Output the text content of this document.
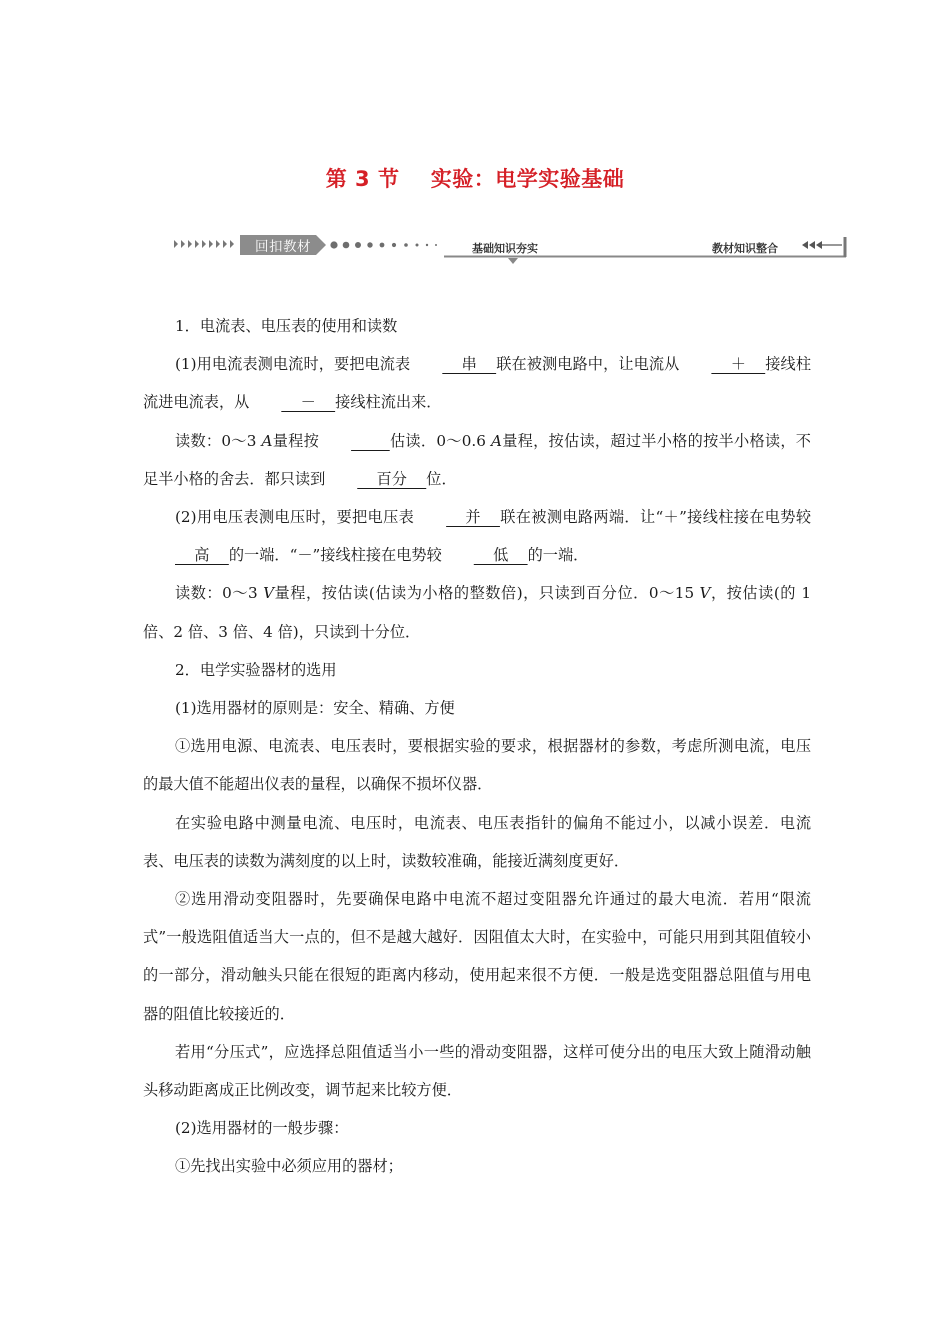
第 3 节    实验：电学实验基础
回扣教材	基础知识夯实	教材知识整合

1．电流表、电压表的使用和读数

(1)用电流表测电流时，要把电流表    串    联在被测电路中，让电流从    ＋    接线柱流进电流表，从    －    接线柱流出来．

读数：0～3 A量程按	估读．0～0.6 A量程，按估读，超过半小格的按半小格读，不足半小格的舍去．都只读到    百分    位．

(2)用电压表测电压时，要把电压表    并    联在被测电路两端．让“＋”接线柱接在电势较    高    的一端．“－”接线柱接在电势较    低    的一端．

读数：0～3 V量程，按估读(估读为小格的整数倍)，只读到百分位．0～15 V，按估读(的 1 倍、2 倍、3 倍、4 倍)，只读到十分位．

2．电学实验器材的选用

(1)选用器材的原则是：安全、精确、方便

①选用电源、电流表、电压表时，要根据实验的要求，根据器材的参数，考虑所测电流，电压的最大值不能超出仪表的量程，以确保不损坏仪器．

在实验电路中测量电流、电压时，电流表、电压表指针的偏角不能过小，以减小误差．电流表、电压表的读数为满刻度的以上时，读数较准确，能接近满刻度更好．

②选用滑动变阻器时，先要确保电路中电流不超过变阻器允许通过的最大电流．若用“限流式”一般选阻值适当大一点的，但不是越大越好．因阻值太大时，在实验中，可能只用到其阻值较小的一部分，滑动触头只能在很短的距离内移动，使用起来很不方便．一般是选变阻器总阻值与用电器的阻值比较接近的．

若用“分压式”，应选择总阻值适当小一些的滑动变阻器，这样可使分出的电压大致上随滑动触头移动距离成正比例改变，调节起来比较方便．

(2)选用器材的一般步骤：

①先找出实验中必须应用的器材；
